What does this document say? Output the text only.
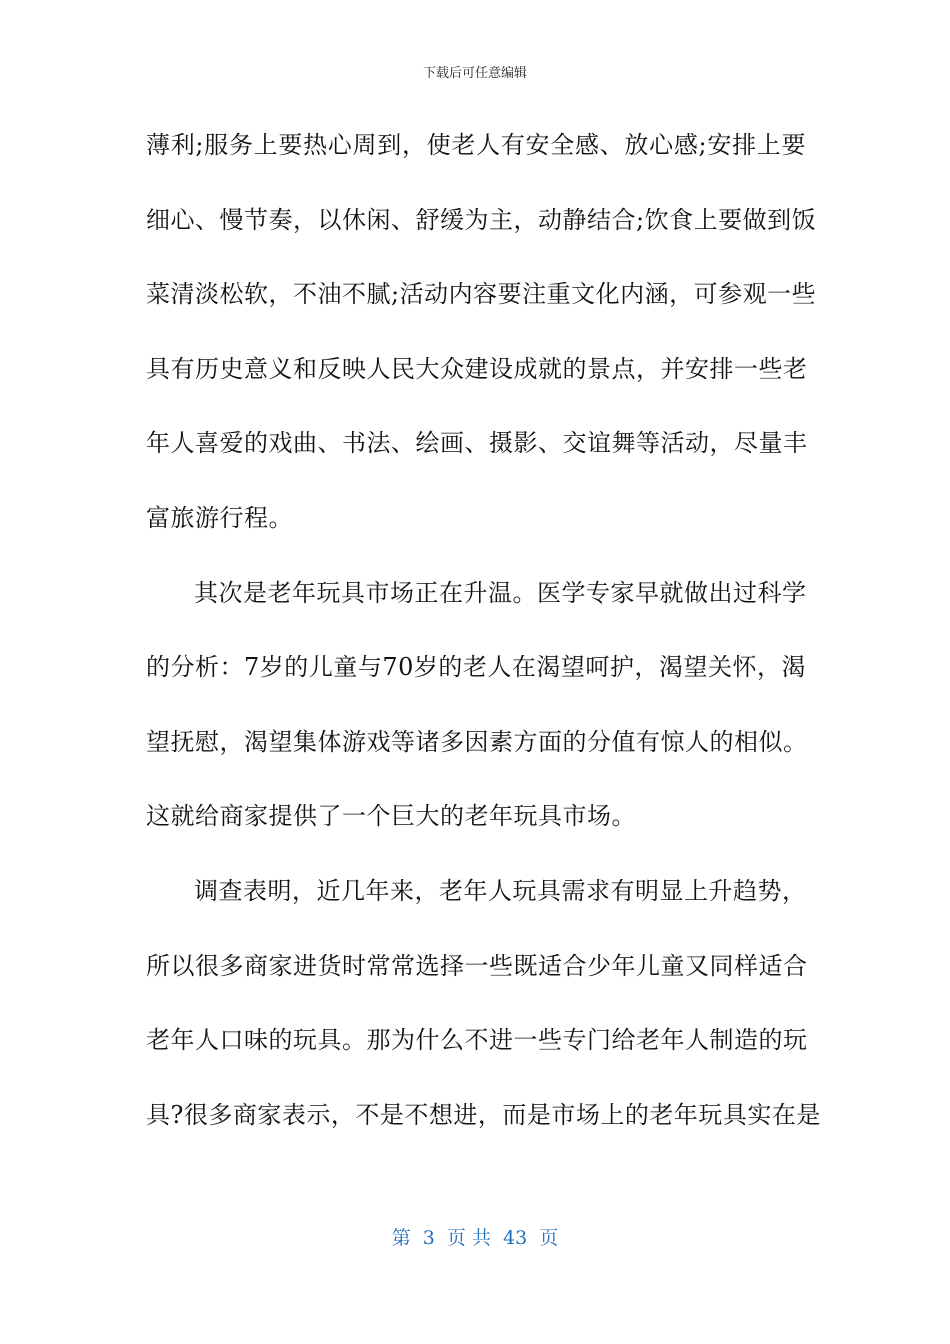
下载后可任意编辑
薄利;服务上要热心周到，使老人有安全感、放心感;安排上要
细心、慢节奏，以休闲、舒缓为主，动静结合;饮食上要做到饭
菜清淡松软，不油不腻;活动内容要注重文化内涵，可参观一些
具有历史意义和反映人民大众建设成就的景点，并安排一些老
年人喜爱的戏曲、书法、绘画、摄影、交谊舞等活动，尽量丰
富旅游行程。
其次是老年玩具市场正在升温。医学专家早就做出过科学
的分析：7岁的儿童与70岁的老人在渴望呵护，渴望关怀，渴
望抚慰，渴望集体游戏等诸多因素方面的分值有惊人的相似。
这就给商家提供了一个巨大的老年玩具市场。
调查表明，近几年来，老年人玩具需求有明显上升趋势，
所以很多商家进货时常常选择一些既适合少年儿童又同样适合
老年人口味的玩具。那为什么不进一些专门给老年人制造的玩
具?很多商家表示，不是不想进，而是市场上的老年玩具实在是
第  3  页 共  43  页
